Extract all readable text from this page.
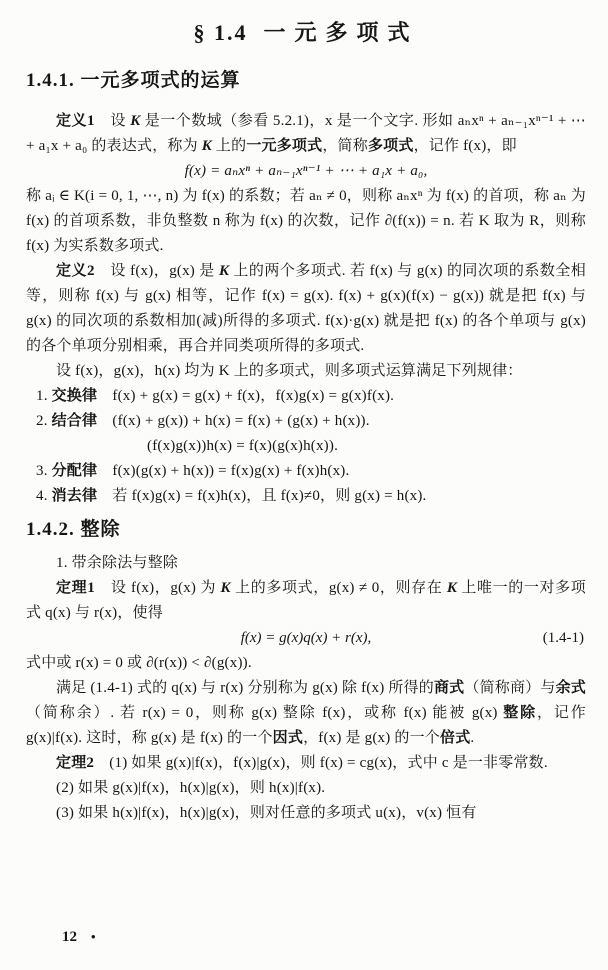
§ 1.4 一元多项式
1.4.1. 一元多项式的运算

定义1　设 K 是一个数域（参看 5.2.1)，x 是一个文字. 形如 aₙxⁿ + aₙ₋₁xⁿ⁻¹ + ⋯ + a₁x + a₀ 的表达式，称为 K 上的一元多项式，简称多项式，记作 f(x)，即

f(x) = aₙxⁿ + aₙ₋₁xⁿ⁻¹ + ⋯ + a₁x + a₀,

称 aᵢ ∈ K(i = 0, 1, ⋯, n) 为 f(x) 的系数；若 aₙ ≠ 0，则称 aₙxⁿ 为 f(x) 的首项，称 aₙ 为 f(x) 的首项系数，非负整数 n 称为 f(x) 的次数，记作 ∂(f(x)) = n. 若 K 取为 R，则称 f(x) 为实系数多项式.

定义2　设 f(x)，g(x) 是 K 上的两个多项式. 若 f(x) 与 g(x) 的同次项的系数全相等，则称 f(x) 与 g(x) 相等，记作 f(x) = g(x). f(x) + g(x)(f(x) − g(x)) 就是把 f(x) 与 g(x) 的同次项的系数相加(减)所得的多项式. f(x)·g(x) 就是把 f(x) 的各个单项与 g(x) 的各个单项分别相乘，再合并同类项所得的多项式.

设 f(x)，g(x)，h(x) 均为 K 上的多项式，则多项式运算满足下列规律：

1. 交换律　f(x) + g(x) = g(x) + f(x)，f(x)g(x) = g(x)f(x).

2. 结合律　(f(x) + g(x)) + h(x) = f(x) + (g(x) + h(x)).

(f(x)g(x))h(x) = f(x)(g(x)h(x)).

3. 分配律　f(x)(g(x) + h(x)) = f(x)g(x) + f(x)h(x).

4. 消去律　若 f(x)g(x) = f(x)h(x)，且 f(x)≠0，则 g(x) = h(x).

1.4.2. 整除

1. 带余除法与整除

定理1　设 f(x)，g(x) 为 K 上的多项式，g(x) ≠ 0，则存在 K 上唯一的一对多项式 q(x) 与 r(x)，使得

f(x) = g(x)q(x) + r(x),	(1.4-1)

式中或 r(x) = 0 或 ∂(r(x)) < ∂(g(x)).

满足 (1.4-1) 式的 q(x) 与 r(x) 分别称为 g(x) 除 f(x) 所得的商式（简称商）与余式（简称余）. 若 r(x) = 0，则称 g(x) 整除 f(x)，或称 f(x) 能被 g(x) 整除，记作 g(x)|f(x). 这时，称 g(x) 是 f(x) 的一个因式，f(x) 是 g(x) 的一个倍式.

定理2　(1) 如果 g(x)|f(x)，f(x)|g(x)，则 f(x) = cg(x)，式中 c 是一非零常数.

(2) 如果 g(x)|f(x)，h(x)|g(x)，则 h(x)|f(x).

(3) 如果 h(x)|f(x)，h(x)|g(x)，则对任意的多项式 u(x)，v(x) 恒有

12 •
